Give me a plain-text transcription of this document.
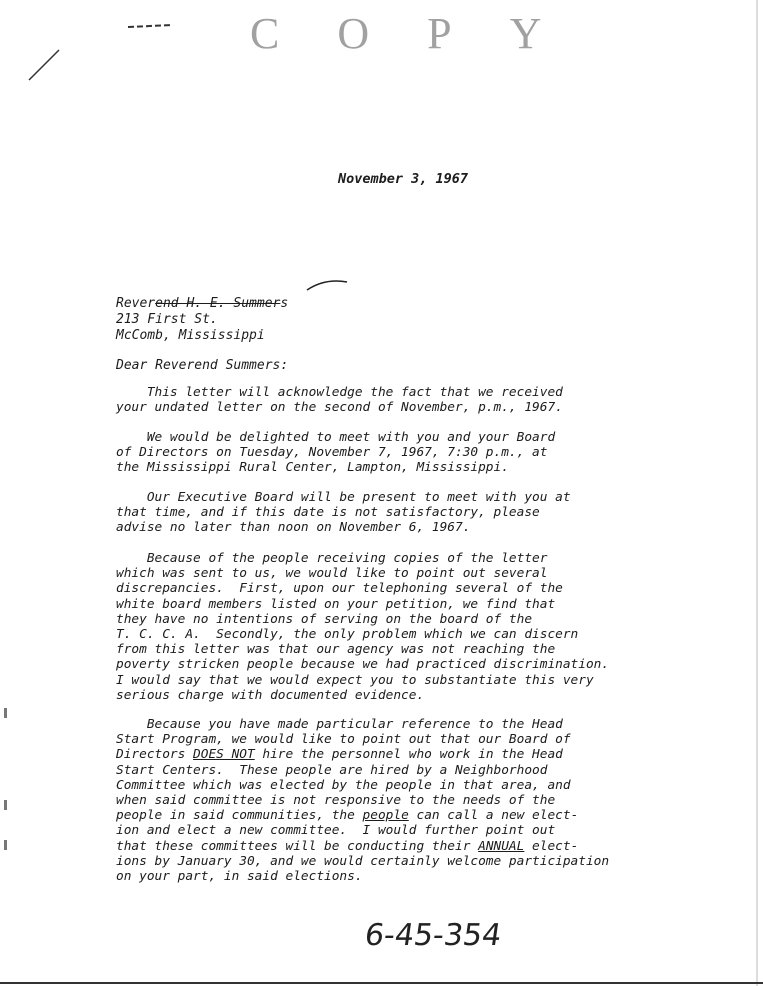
COPY
November 3, 1967
Reverend H. E. Summers
213 First St.
McComb, Mississippi
Dear Reverend Summers:
This letter will acknowledge the fact that we received
your undated letter on the second of November, p.m., 1967.
We would be delighted to meet with you and your Board
of Directors on Tuesday, November 7, 1967, 7:30 p.m., at
the Mississippi Rural Center, Lampton, Mississippi.
Our Executive Board will be present to meet with you at
that time, and if this date is not satisfactory, please
advise no later than noon on November 6, 1967.
Because of the people receiving copies of the letter
which was sent to us, we would like to point out several
discrepancies.  First, upon our telephoning several of the
white board members listed on your petition, we find that
they have no intentions of serving on the board of the
T. C. C. A.  Secondly, the only problem which we can discern
from this letter was that our agency was not reaching the
poverty stricken people because we had practiced discrimination.
I would say that we would expect you to substantiate this very
serious charge with documented evidence.
Because you have made particular reference to the Head
Start Program, we would like to point out that our Board of
Directors DOES NOT hire the personnel who work in the Head
Start Centers.  These people are hired by a Neighborhood
Committee which was elected by the people in that area, and
when said committee is not responsive to the needs of the
people in said communities, the people can call a new elect-
ion and elect a new committee.  I would further point out
that these committees will be conducting their ANNUAL elect-
ions by January 30, and we would certainly welcome participation
on your part, in said elections.
6-45-354
